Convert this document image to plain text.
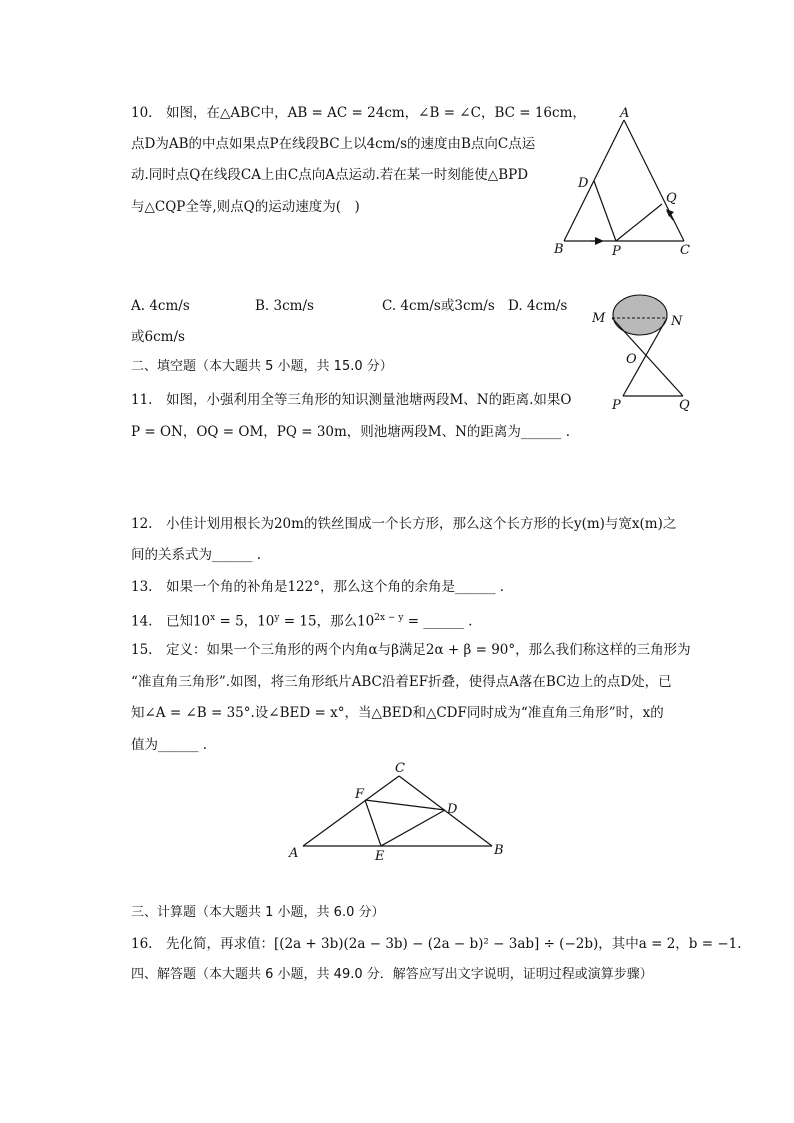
10.　如图，在△ABC中，AB = AC = 24cm，∠B = ∠C，BC = 16cm，
点D为AB的中点如果点P在线段BC上以4cm/s的速度由B点向C点运
动.同时点Q在线段CA上由C点向A点运动.若在某一时刻能使△BPD
与△CQP全等,则点Q的运动速度为(　)
A
B	C
D
P
Q
A. 4cm/s	B. 3cm/s	C. 4cm/s或3cm/s D. 4cm/s
或6cm/s
M	N
O
P	Q
二、填空题（本大题共 5 小题，共 15.0 分）
11.　如图，小强利用全等三角形的知识测量池塘两段M、N的距离.如果O
P = ON，OQ = OM，PQ = 30m，则池塘两段M、N的距离为______ .
12.　小佳计划用根长为20m的铁丝围成一个长方形，那么这个长方形的长y(m)与宽x(m)之
间的关系式为______ .
13.　如果一个角的补角是122°，那么这个角的余角是______ .
14.　已知$10^x = 5$，$10^y = 15$，那么$10^{2x - y}$ = ______ .
15.　定义：如果一个三角形的两个内角α与β满足2α + β = 90°，那么我们称这样的三角形为
“准直角三角形”.如图，将三角形纸片ABC沿着EF折叠，使得点A落在BC边上的点D处，已
知∠A = ∠B = 35°.设∠BED = x°，当△BED和△CDF同时成为“准直角三角形”时，x的
值为______ .
C
F
D
A	E	B
三、计算题（本大题共 1 小题，共 6.0 分）
16.　先化简，再求值：[(2a + 3b)(2a − 3b) − (2a − b)² − 3ab] ÷ (−2b)，其中a = 2，b = −1.
四、解答题（本大题共 6 小题，共 49.0 分．解答应写出文字说明，证明过程或演算步骤）
